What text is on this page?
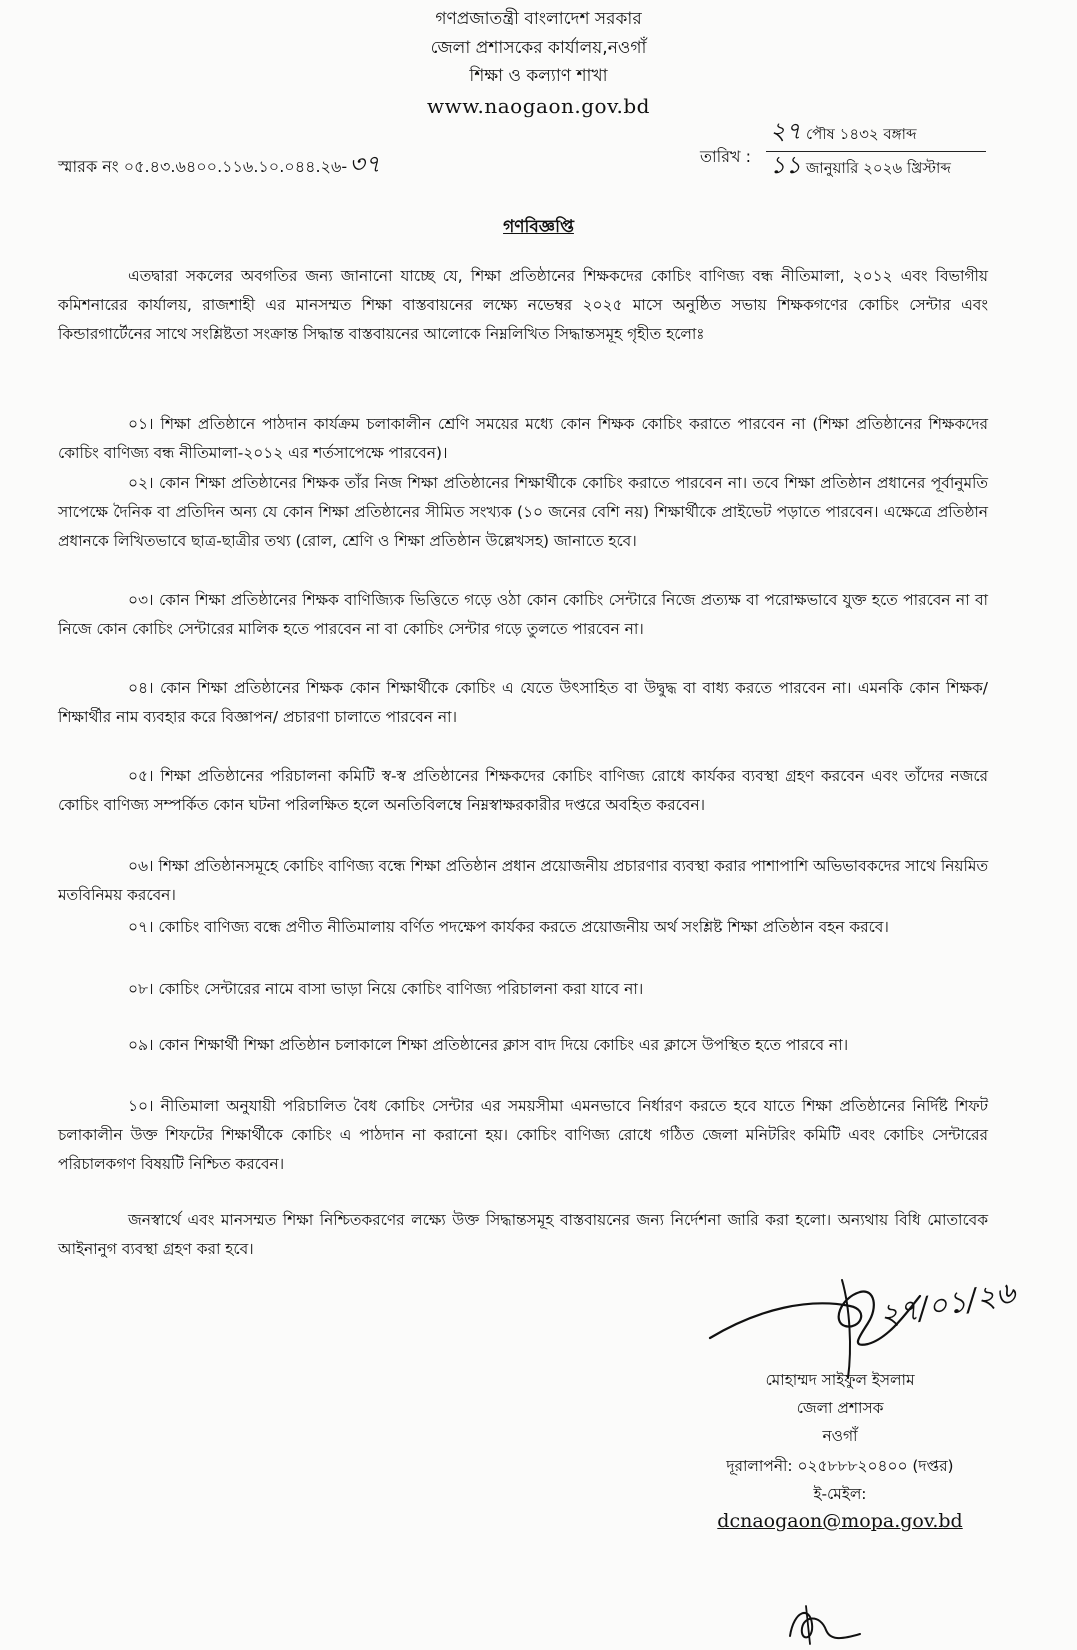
গণপ্রজাতন্ত্রী বাংলাদেশ সরকার
জেলা প্রশাসকের কার্যালয়,নওগাঁ
শিক্ষা ও কল্যাণ শাখা
www.naogaon.gov.bd
স্মারক নং ০৫.৪৩.৬৪০০.১১৬.১০.০৪৪.২৬-৩৭	তারিখ :
২৭ পৌষ ১৪৩২ বঙ্গাব্দ
১১ জানুয়ারি ২০২৬ খ্রিস্টাব্দ
গণবিজ্ঞপ্তি
এতদ্বারা সকলের অবগতির জন্য জানানো যাচ্ছে যে, শিক্ষা প্রতিষ্ঠানের শিক্ষকদের কোচিং বাণিজ্য বন্ধ নীতিমালা, ২০১২ এবং বিভাগীয় কমিশনারের কার্যালয়, রাজশাহী এর মানসম্মত শিক্ষা বাস্তবায়নের লক্ষ্যে নভেম্বর ২০২৫ মাসে অনুষ্ঠিত সভায় শিক্ষকগণের কোচিং সেন্টার এবং কিন্ডারগার্টেনের সাথে সংশ্লিষ্টতা সংক্রান্ত সিদ্ধান্ত বাস্তবায়নের আলোকে নিম্নলিখিত সিদ্ধান্তসমূহ গৃহীত হলোঃ
০১। শিক্ষা প্রতিষ্ঠানে পাঠদান কার্যক্রম চলাকালীন শ্রেণি সময়ের মধ্যে কোন শিক্ষক কোচিং করাতে পারবেন না (শিক্ষা প্রতিষ্ঠানের শিক্ষকদের কোচিং বাণিজ্য বন্ধ নীতিমালা-২০১২ এর শর্তসাপেক্ষে পারবেন)।
০২। কোন শিক্ষা প্রতিষ্ঠানের শিক্ষক তাঁর নিজ শিক্ষা প্রতিষ্ঠানের শিক্ষার্থীকে কোচিং করাতে পারবেন না। তবে শিক্ষা প্রতিষ্ঠান প্রধানের পূর্বানুমতি সাপেক্ষে দৈনিক বা প্রতিদিন অন্য যে কোন শিক্ষা প্রতিষ্ঠানের সীমিত সংখ্যক (১০ জনের বেশি নয়) শিক্ষার্থীকে প্রাইভেট পড়াতে পারবেন। এক্ষেত্রে প্রতিষ্ঠান প্রধানকে লিখিতভাবে ছাত্র-ছাত্রীর তথ্য (রোল, শ্রেণি ও শিক্ষা প্রতিষ্ঠান উল্লেখসহ) জানাতে হবে।
০৩। কোন শিক্ষা প্রতিষ্ঠানের শিক্ষক বাণিজ্যিক ভিত্তিতে গড়ে ওঠা কোন কোচিং সেন্টারে নিজে প্রত্যক্ষ বা পরোক্ষভাবে যুক্ত হতে পারবেন না বা নিজে কোন কোচিং সেন্টারের মালিক হতে পারবেন না বা কোচিং সেন্টার গড়ে তুলতে পারবেন না।
০৪। কোন শিক্ষা প্রতিষ্ঠানের শিক্ষক কোন শিক্ষার্থীকে কোচিং এ যেতে উৎসাহিত বা উদ্বুদ্ধ বা বাধ্য করতে পারবেন না। এমনকি কোন শিক্ষক/শিক্ষার্থীর নাম ব্যবহার করে বিজ্ঞাপন/ প্রচারণা চালাতে পারবেন না।
০৫। শিক্ষা প্রতিষ্ঠানের পরিচালনা কমিটি স্ব-স্ব প্রতিষ্ঠানের শিক্ষকদের কোচিং বাণিজ্য রোধে কার্যকর ব্যবস্থা গ্রহণ করবেন এবং তাঁদের নজরে কোচিং বাণিজ্য সম্পর্কিত কোন ঘটনা পরিলক্ষিত হলে অনতিবিলম্বে নিম্নস্বাক্ষরকারীর দপ্তরে অবহিত করবেন।
০৬। শিক্ষা প্রতিষ্ঠানসমূহে কোচিং বাণিজ্য বন্ধে শিক্ষা প্রতিষ্ঠান প্রধান প্রয়োজনীয় প্রচারণার ব্যবস্থা করার পাশাপাশি অভিভাবকদের সাথে নিয়মিত মতবিনিময় করবেন।
০৭। কোচিং বাণিজ্য বন্ধে প্রণীত নীতিমালায় বর্ণিত পদক্ষেপ কার্যকর করতে প্রয়োজনীয় অর্থ সংশ্লিষ্ট শিক্ষা প্রতিষ্ঠান বহন করবে।
০৮। কোচিং সেন্টারের নামে বাসা ভাড়া নিয়ে কোচিং বাণিজ্য পরিচালনা করা যাবে না।
০৯। কোন শিক্ষার্থী শিক্ষা প্রতিষ্ঠান চলাকালে শিক্ষা প্রতিষ্ঠানের ক্লাস বাদ দিয়ে কোচিং এর ক্লাসে উপস্থিত হতে পারবে না।
১০। নীতিমালা অনুযায়ী পরিচালিত বৈধ কোচিং সেন্টার এর সময়সীমা এমনভাবে নির্ধারণ করতে হবে যাতে শিক্ষা প্রতিষ্ঠানের নির্দিষ্ট শিফট চলাকালীন উক্ত শিফটের শিক্ষার্থীকে কোচিং এ পাঠদান না করানো হয়। কোচিং বাণিজ্য রোধে গঠিত জেলা মনিটরিং কমিটি এবং কোচিং সেন্টারের পরিচালকগণ বিষয়টি নিশ্চিত করবেন।
জনস্বার্থে এবং মানসম্মত শিক্ষা নিশ্চিতকরণের লক্ষ্যে উক্ত সিদ্ধান্তসমূহ বাস্তবায়নের জন্য নির্দেশনা জারি করা হলো। অন্যথায় বিধি মোতাবেক আইনানুগ ব্যবস্থা গ্রহণ করা হবে।
২৭/০১/২৬
মোহাম্মদ সাইফুল ইসলাম
জেলা প্রশাসক
নওগাঁ
দূরালাপনী: ০২৫৮৮৮২০৪০০ (দপ্তর)
ই-মেইল:
dcnaogaon@mopa.gov.bd
